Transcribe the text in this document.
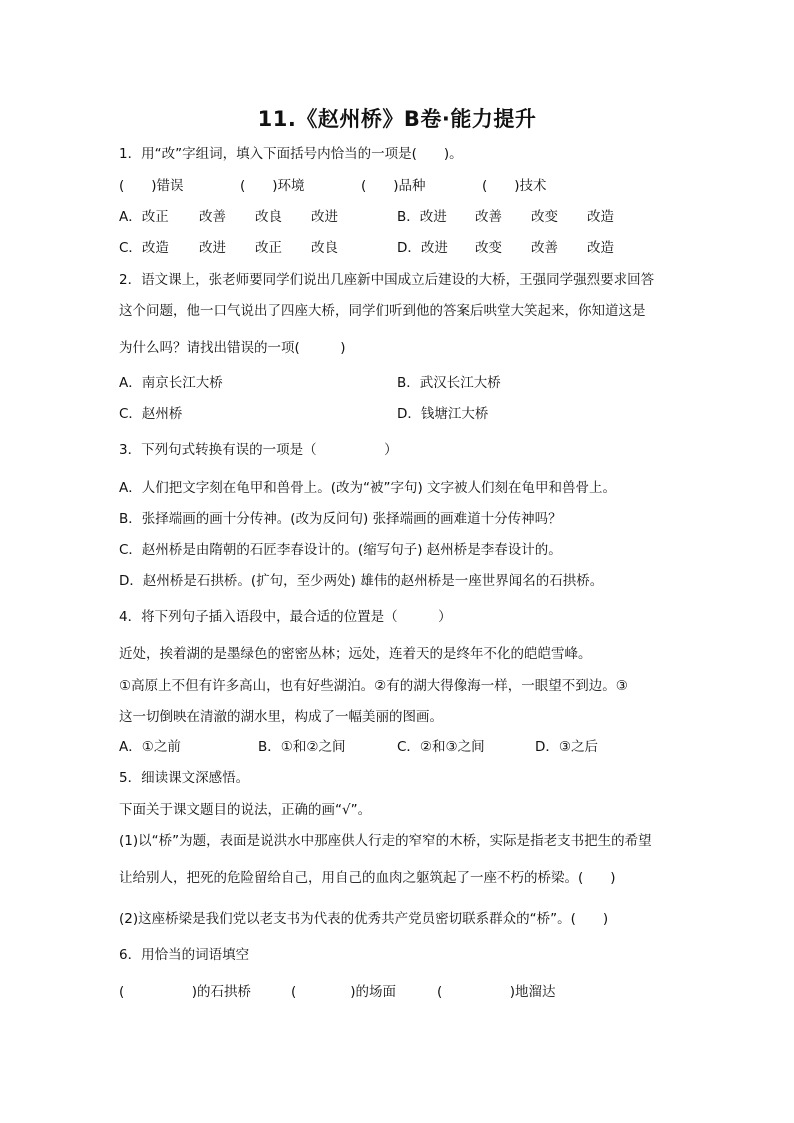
11.《赵州桥》B卷·能力提升
1．用“改”字组词，填入下面括号内恰当的一项是(　　)。
(　　)错误	(　　)环境	(　　)品种	(　　)技术
A．改正 改善 改良 改进	B．改进 改善 改变 改造
C．改造 改进 改正 改良	D．改进 改变 改善 改造
2．语文课上，张老师要同学们说出几座新中国成立后建设的大桥，王强同学强烈要求回答
这个问题，他一口气说出了四座大桥，同学们听到他的答案后哄堂大笑起来，你知道这是
为什么吗？请找出错误的一项(　　　)
A．南京长江大桥	B．武汉长江大桥
C．赵州桥	D．钱塘江大桥
3．下列句式转换有误的一项是（　　　　　）
A．人们把文字刻在龟甲和兽骨上。(改为“被”字句) 文字被人们刻在龟甲和兽骨上。
B．张择端画的画十分传神。(改为反问句) 张择端画的画难道十分传神吗？
C．赵州桥是由隋朝的石匠李春设计的。(缩写句子) 赵州桥是李春设计的。
D．赵州桥是石拱桥。(扩句，至少两处) 雄伟的赵州桥是一座世界闻名的石拱桥。
4．将下列句子插入语段中，最合适的位置是（　　　）
近处，挨着湖的是墨绿色的密密丛林；远处，连着天的是终年不化的皑皑雪峰。
①高原上不但有许多高山，也有好些湖泊。②有的湖大得像海一样，一眼望不到边。③
这一切倒映在清澈的湖水里，构成了一幅美丽的图画。
A．①之前	B．①和②之间	C．②和③之间	D．③之后
5．细读课文深感悟。
下面关于课文题目的说法，正确的画“√”。
(1)以“桥”为题，表面是说洪水中那座供人行走的窄窄的木桥，实际是指老支书把生的希望
让给别人，把死的危险留给自己，用自己的血肉之躯筑起了一座不朽的桥梁。(　　)
(2)这座桥梁是我们党以老支书为代表的优秀共产党员密切联系群众的“桥”。(　　)
6．用恰当的词语填空
(　　　　　)的石拱桥	(　　　　)的场面	(　　　　　)地溜达
